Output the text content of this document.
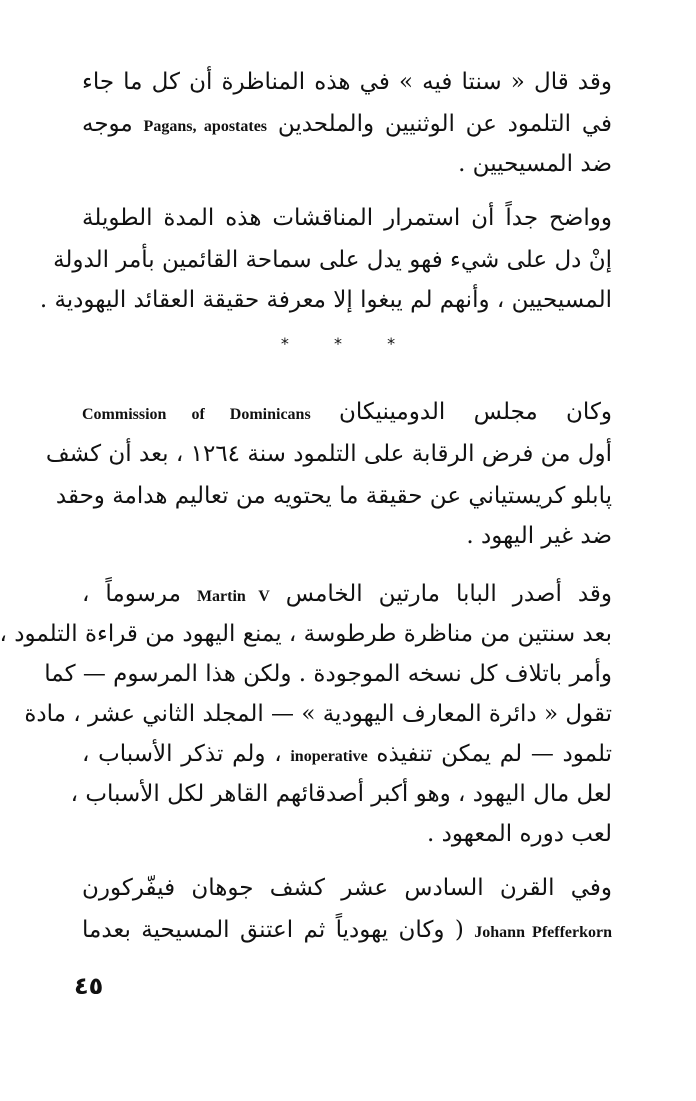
وقد قال « سنتا فيه » في هذه المناظرة أن كل ما جاء
في التلمود عن الوثنيين والملحدين Pagans, apostates موجه
ضد المسيحيين .
وواضح جداً أن استمرار المناقشات هذه المدة الطويلة
إنْ دل على شيء فهو يدل على سماحة القائمين بأمر الدولة
المسيحيين ، وأنهم لم يبغوا إلا معرفة حقيقة العقائد اليهودية .
* * *
وكان مجلس الدومينيكان Commission of Dominicans
أول من فرض الرقابة على التلمود سنة ١٢٦٤ ، بعد أن كشف
پابلو كريستياني عن حقيقة ما يحتويه من تعاليم هدامة وحقد
ضد غير اليهود .
وقد أصدر البابا مارتين الخامس Martin V مرسوماً ،
بعد سنتين من مناظرة طرطوسة ، يمنع اليهود من قراءة التلمود ،
وأمر باتلاف كل نسخه الموجودة . ولكن هذا المرسوم — كما
تقول « دائرة المعارف اليهودية » — المجلد الثاني عشر ، مادة
تلمود — لم يمكن تنفيذه inoperative ، ولم تذكر الأسباب ،
لعل مال اليهود ، وهو أكبر أصدقائهم القاهر لكل الأسباب ،
لعب دوره المعهود .
وفي القرن السادس عشر كشف جوهان فيفّركورن
Johann Pfefferkorn ( وكان يهودياً ثم اعتنق المسيحية بعدما
٤٥
